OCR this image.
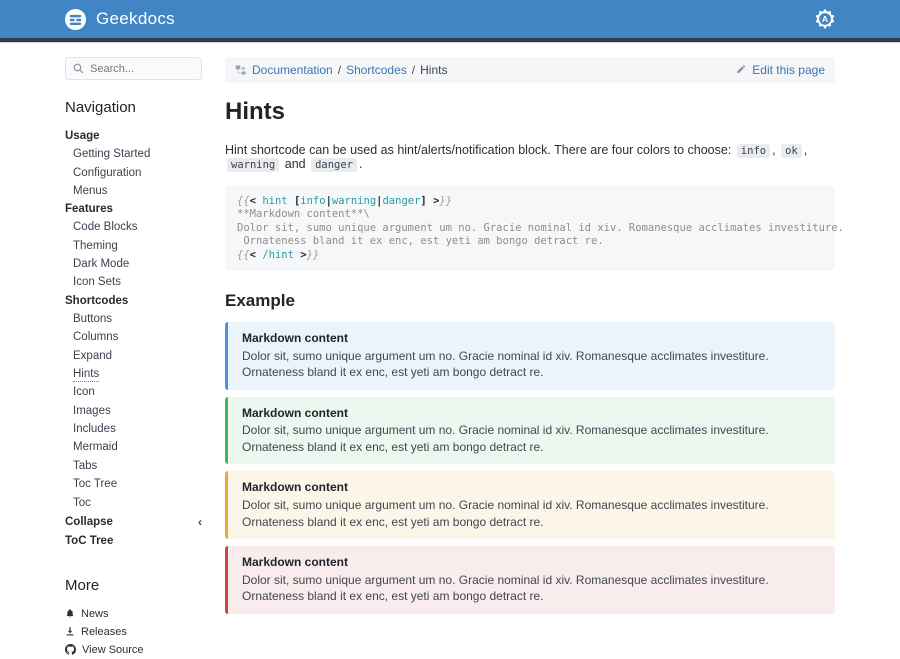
Geekdocs	A
Search...
Navigation
Usage
Getting Started
Configuration
Menus
Features
Code Blocks
Theming
Dark Mode
Icon Sets
Shortcodes
Buttons
Columns
Expand
Hints
Icon
Images
Includes
Mermaid
Tabs
Toc Tree
Toc
Collapse	‹
ToC Tree
More
News
Releases
View Source
Documentation / Shortcodes / Hints	Edit this page
Hints

Hint shortcode can be used as hint/alerts/notification block. There are four colors to choose: info , ok , warning and danger .

{{< hint [info|warning|danger] >}}
**Markdown content**\
Dolor sit, sumo unique argument um no. Gracie nominal id xiv. Romanesque acclimates investiture.
Ornateness bland it ex enc, est yeti am bongo detract re.
{{< /hint >}}
Example
Markdown content
Dolor sit, sumo unique argument um no. Gracie nominal id xiv. Romanesque acclimates investiture. Ornateness bland it ex enc, est yeti am bongo detract re.
Markdown content
Dolor sit, sumo unique argument um no. Gracie nominal id xiv. Romanesque acclimates investiture. Ornateness bland it ex enc, est yeti am bongo detract re.
Markdown content
Dolor sit, sumo unique argument um no. Gracie nominal id xiv. Romanesque acclimates investiture. Ornateness bland it ex enc, est yeti am bongo detract re.
Markdown content
Dolor sit, sumo unique argument um no. Gracie nominal id xiv. Romanesque acclimates investiture. Ornateness bland it ex enc, est yeti am bongo detract re.
